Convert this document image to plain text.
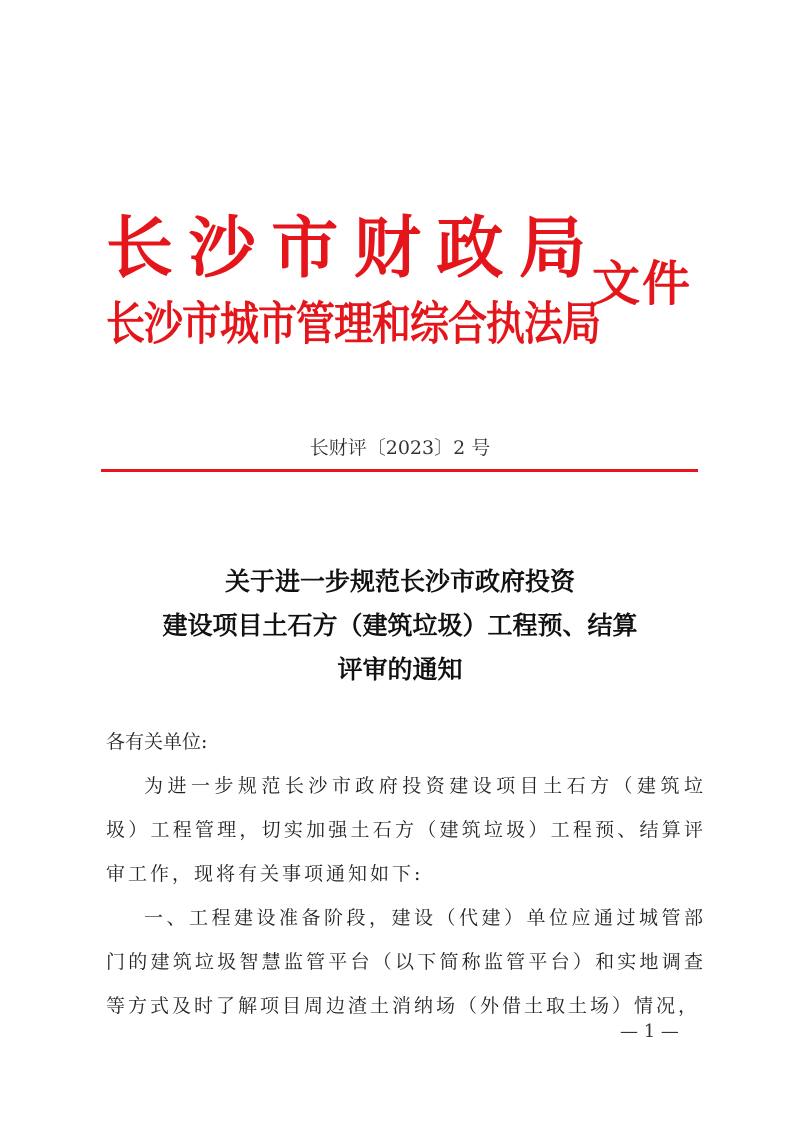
长 沙 市 财 政 局
长沙市城市管理和综合执法局
文件
长财评〔2023〕2 号
关于进一步规范长沙市政府投资
建设项目土石方（建筑垃圾）工程预、结算
评审的通知
各有关单位:
为进一步规范长沙市政府投资建设项目土石方（建筑垃圾）工程管理，切实加强土石方（建筑垃圾）工程预、结算评审工作，现将有关事项通知如下:
一、工程建设准备阶段，建设（代建）单位应通过城管部门的建筑垃圾智慧监管平台（以下简称监管平台）和实地调查等方式及时了解项目周边渣土消纳场（外借土取土场）情况，
— 1 —
